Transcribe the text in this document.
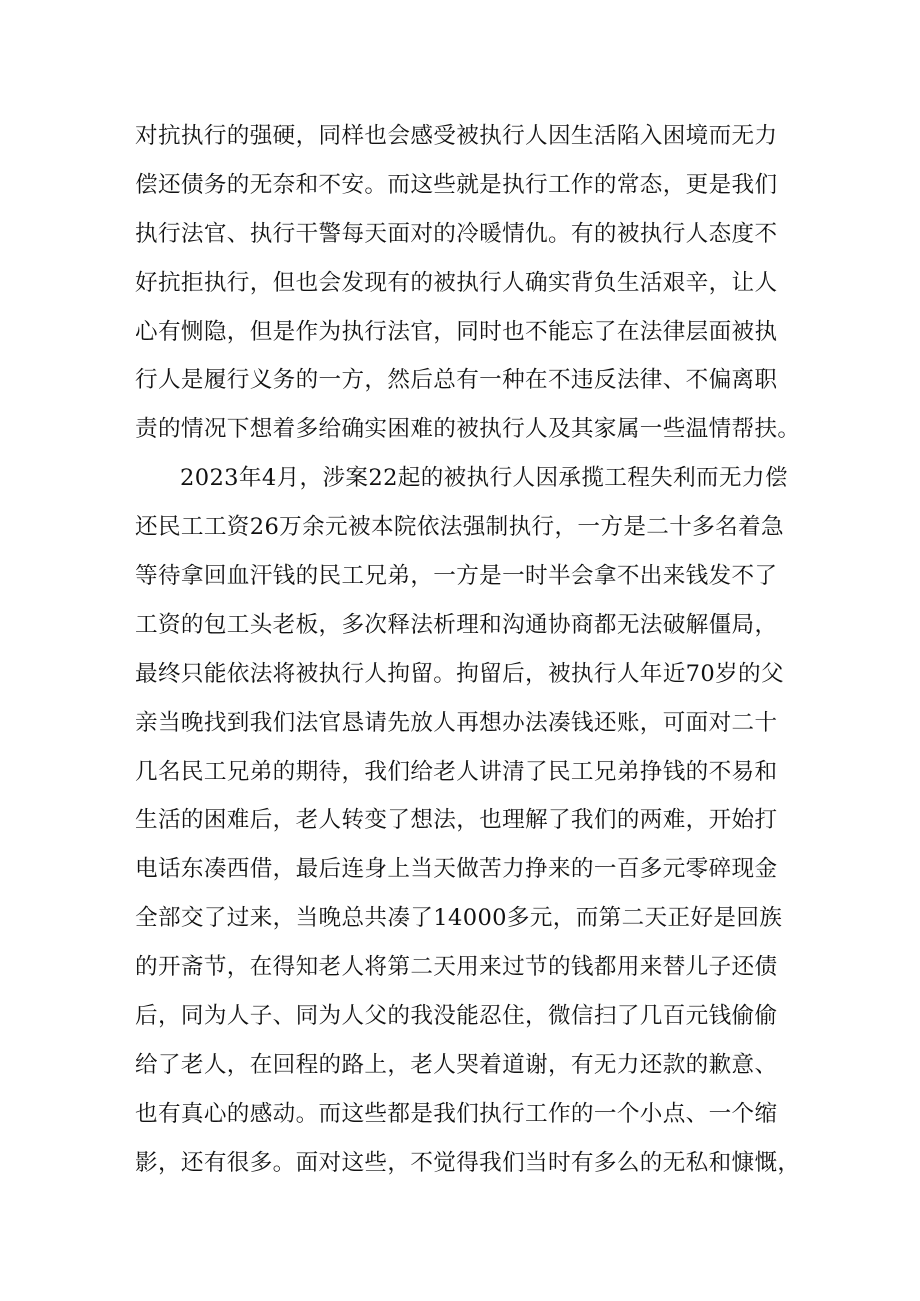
对抗执行的强硬，同样也会感受被执行人因生活陷入困境而无力
偿还债务的无奈和不安。而这些就是执行工作的常态，更是我们
执行法官、执行干警每天面对的冷暖情仇。有的被执行人态度不
好抗拒执行，但也会发现有的被执行人确实背负生活艰辛，让人
心有恻隐，但是作为执行法官，同时也不能忘了在法律层面被执
行人是履行义务的一方，然后总有一种在不违反法律、不偏离职
责的情况下想着多给确实困难的被执行人及其家属一些温情帮扶。
2023年4月，涉案22起的被执行人因承揽工程失利而无力偿
还民工工资26万余元被本院依法强制执行，一方是二十多名着急
等待拿回血汗钱的民工兄弟，一方是一时半会拿不出来钱发不了
工资的包工头老板，多次释法析理和沟通协商都无法破解僵局，
最终只能依法将被执行人拘留。拘留后，被执行人年近70岁的父
亲当晚找到我们法官恳请先放人再想办法凑钱还账，可面对二十
几名民工兄弟的期待，我们给老人讲清了民工兄弟挣钱的不易和
生活的困难后，老人转变了想法，也理解了我们的两难，开始打
电话东凑西借，最后连身上当天做苦力挣来的一百多元零碎现金
全部交了过来，当晚总共凑了14000多元，而第二天正好是回族
的开斋节，在得知老人将第二天用来过节的钱都用来替儿子还债
后，同为人子、同为人父的我没能忍住，微信扫了几百元钱偷偷
给了老人，在回程的路上，老人哭着道谢，有无力还款的歉意、
也有真心的感动。而这些都是我们执行工作的一个小点、一个缩
影，还有很多。面对这些，不觉得我们当时有多么的无私和慷慨，
